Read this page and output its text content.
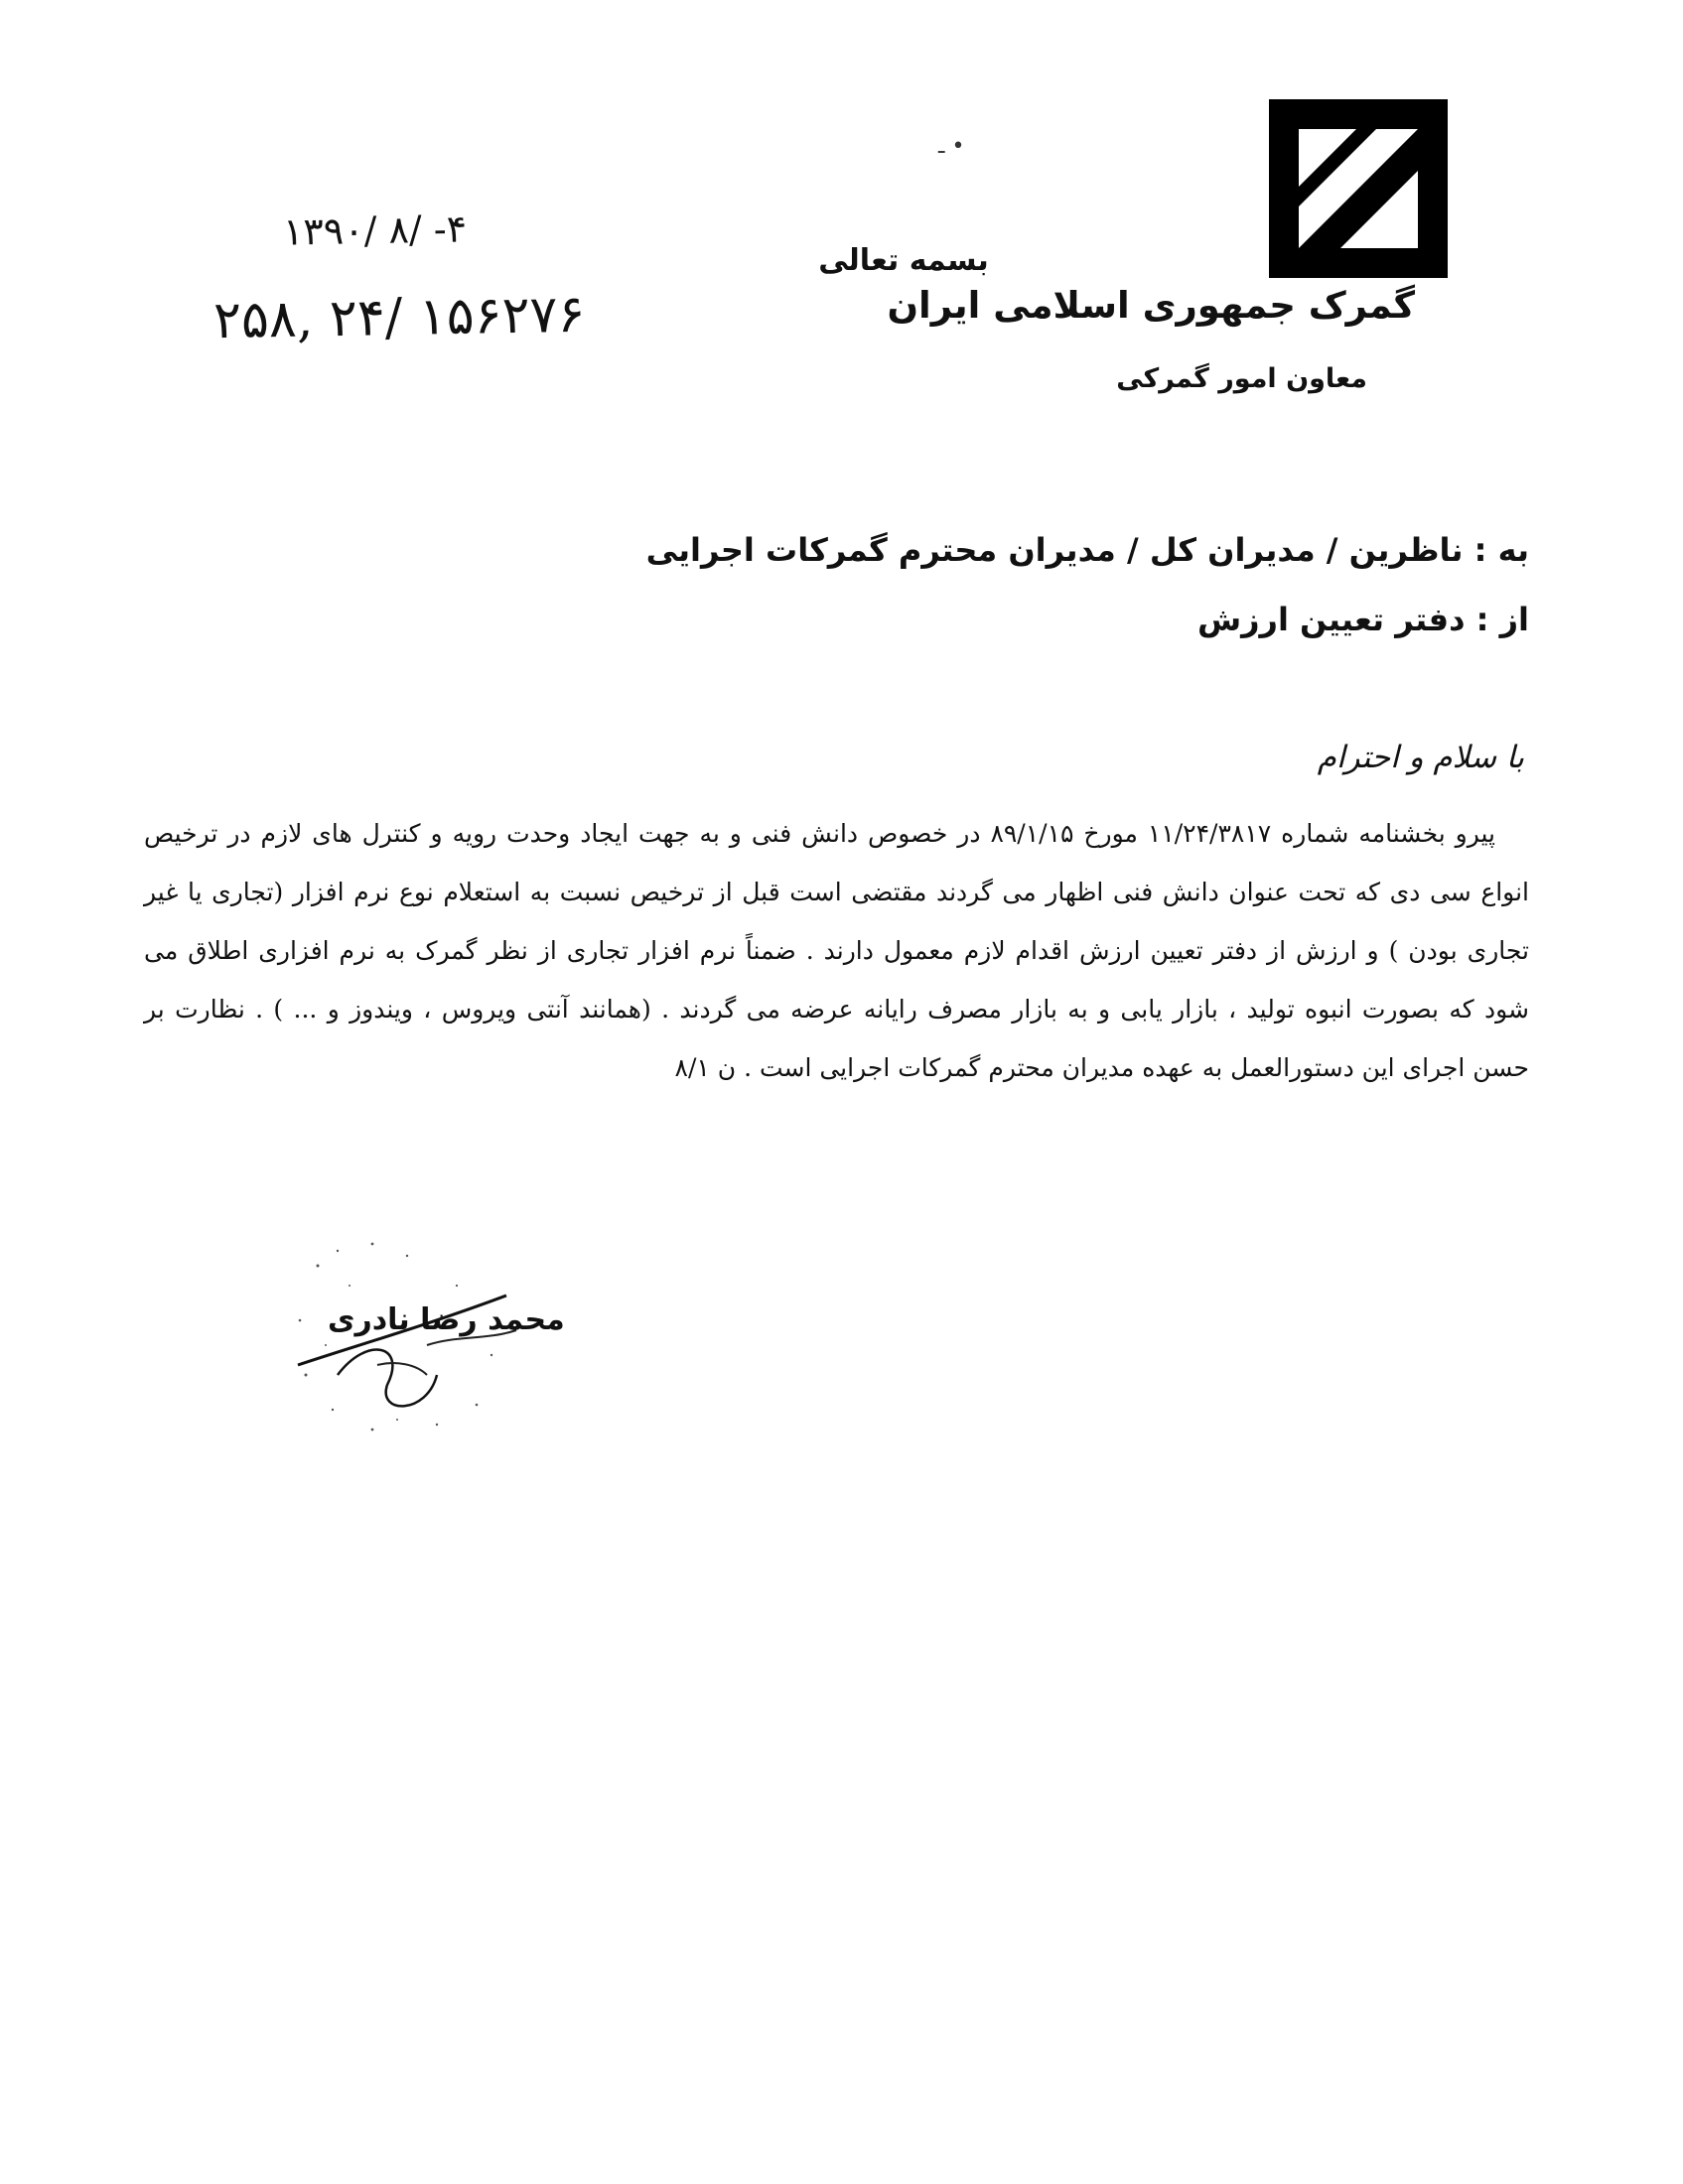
گمرک جمهوری اسلامی ایران
معاون امور گمرکی
ـ •
بسمه تعالی
۱۳۹۰/ ۸/ -۴
۲۵۸, ۲۴/ ۱۵۶۲۷۶
به : ناظرین / مدیران کل / مدیران محترم گمرکات اجرایی
از : دفتر تعیین ارزش
با سلام و احترام
پیرو بخشنامه شماره ۱۱/۲۴/۳۸۱۷ مورخ ۸۹/۱/۱۵ در خصوص دانش فنی و به جهت ایجاد وحدت رویه و کنترل های لازم در ترخیص انواع سی دی که تحت عنوان دانش فنی اظهار می گردند مقتضی است قبل از ترخیص نسبت به استعلام نوع نرم افزار (تجاری یا غیر تجاری بودن ) و ارزش از دفتر تعیین ارزش اقدام لازم معمول دارند . ضمناً نرم افزار تجاری از نظر گمرک به نرم افزاری اطلاق می شود که بصورت انبوه تولید ، بازار یابی و به بازار مصرف رایانه عرضه می گردند . (همانند آنتی ویروس ، ویندوز و ... ) . نظارت بر حسن اجرای این دستورالعمل به عهده مدیران محترم گمرکات اجرایی است . ن ۸/۱
محمد رضا نادری
